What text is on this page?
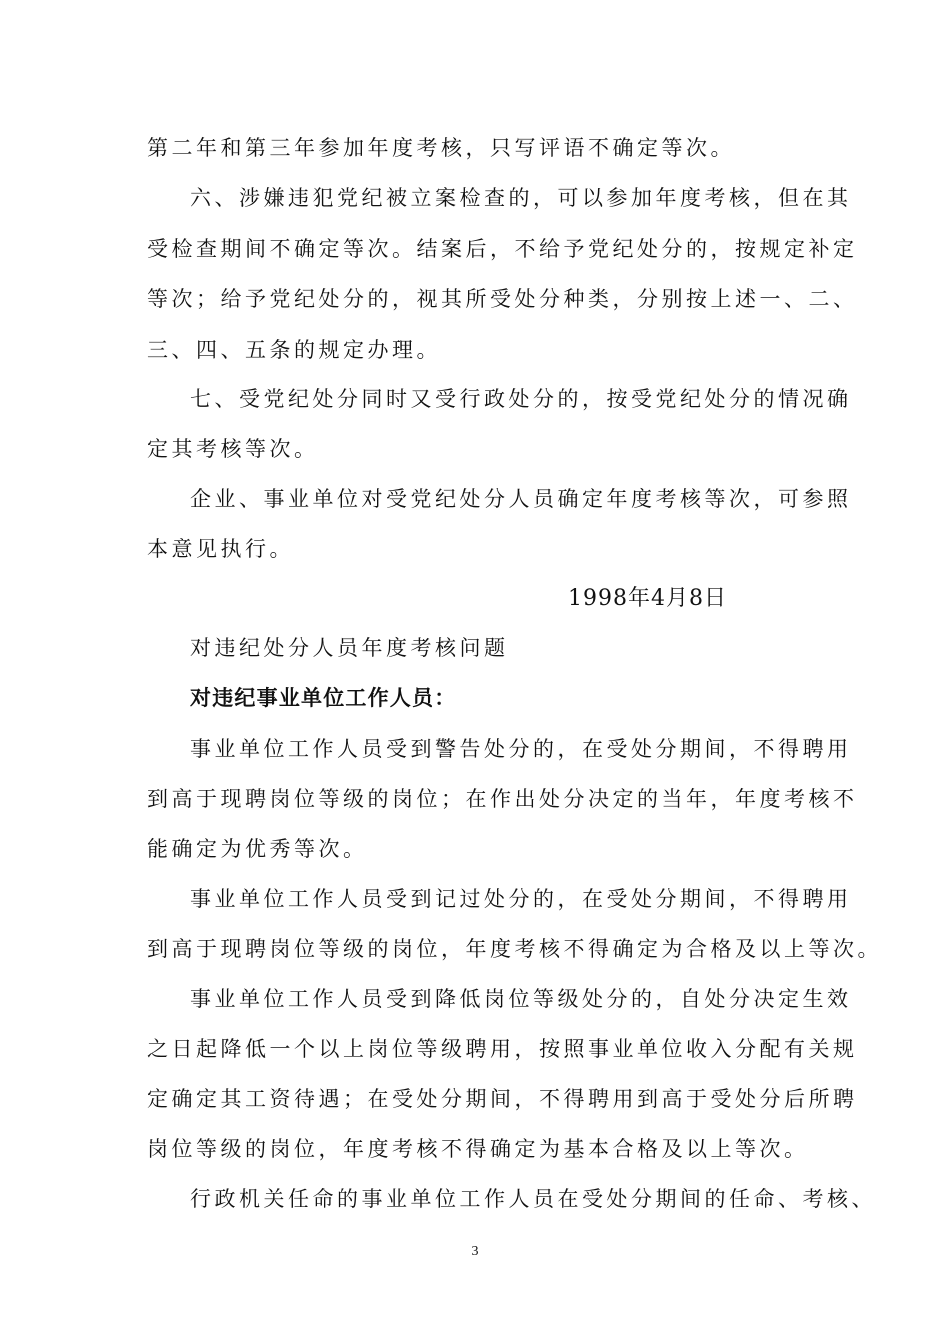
第二年和第三年参加年度考核，只写评语不确定等次。
六、涉嫌违犯党纪被立案检查的，可以参加年度考核，但在其
受检查期间不确定等次。结案后，不给予党纪处分的，按规定补定
等次；给予党纪处分的，视其所受处分种类，分别按上述一、二、
三、四、五条的规定办理。
七、受党纪处分同时又受行政处分的，按受党纪处分的情况确
定其考核等次。
企业、事业单位对受党纪处分人员确定年度考核等次，可参照
本意见执行。
1998年4月8日
对违纪处分人员年度考核问题
对违纪事业单位工作人员：
事业单位工作人员受到警告处分的，在受处分期间，不得聘用
到高于现聘岗位等级的岗位；在作出处分决定的当年，年度考核不
能确定为优秀等次。
事业单位工作人员受到记过处分的，在受处分期间，不得聘用
到高于现聘岗位等级的岗位，年度考核不得确定为合格及以上等次。
事业单位工作人员受到降低岗位等级处分的，自处分决定生效
之日起降低一个以上岗位等级聘用，按照事业单位收入分配有关规
定确定其工资待遇；在受处分期间，不得聘用到高于受处分后所聘
岗位等级的岗位，年度考核不得确定为基本合格及以上等次。
行政机关任命的事业单位工作人员在受处分期间的任命、考核、
3
